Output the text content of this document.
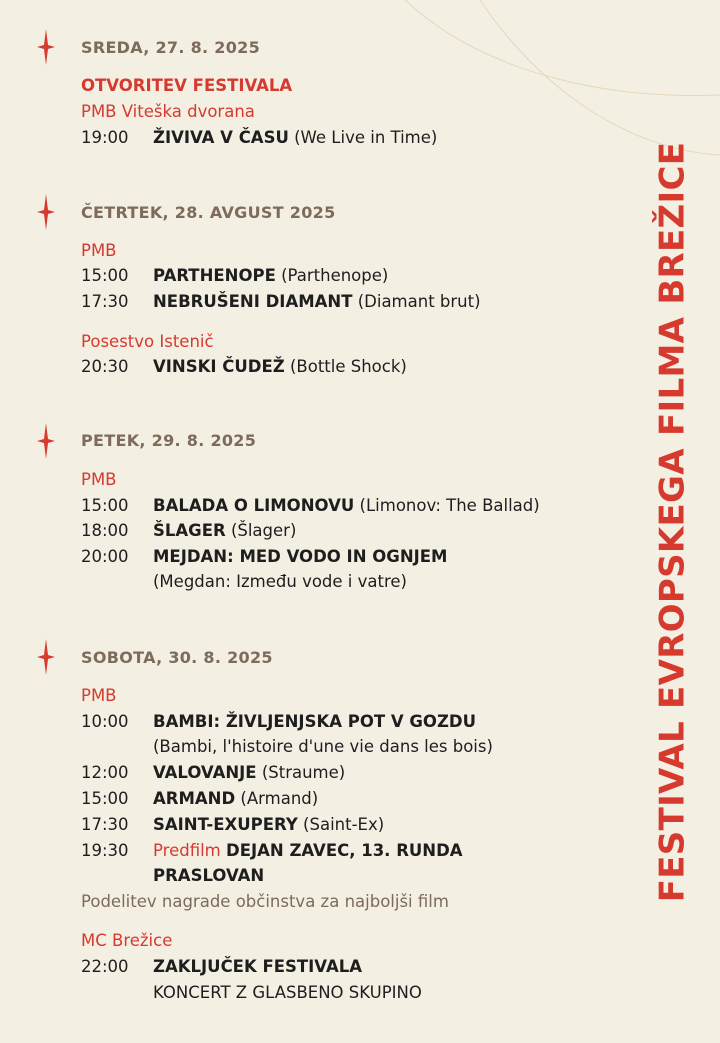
FESTIVAL EVROPSKEGA FILMA BREŽICE
SREDA, 27. 8. 2025
OTVORITEV FESTIVALA
PMB Viteška dvorana
19:00 ŽIVIVA V ČASU (We Live in Time)
ČETRTEK, 28. AVGUST 2025
PMB
15:00 PARTHENOPE (Parthenope)
17:30 NEBRUŠENI DIAMANT (Diamant brut)
Posestvo Istenič
20:30 VINSKI ČUDEŽ (Bottle Shock)
PETEK, 29. 8. 2025
PMB
15:00 BALADA O LIMONOVU (Limonov: The Ballad)
18:00 ŠLAGER (Šlager)
20:00 MEJDAN: MED VODO IN OGNJEM
(Megdan: Između vode i vatre)
SOBOTA, 30. 8. 2025
PMB
10:00 BAMBI: ŽIVLJENJSKA POT V GOZDU
(Bambi, l'histoire d'une vie dans les bois)
12:00 VALOVANJE (Straume)
15:00 ARMAND (Armand)
17:30 SAINT-EXUPERY (Saint-Ex)
19:30 Predfilm DEJAN ZAVEC, 13. RUNDA
PRASLOVAN
Podelitev nagrade občinstva za najboljši film
MC Brežice
22:00 ZAKLJUČEK FESTIVALA
KONCERT Z GLASBENO SKUPINO
